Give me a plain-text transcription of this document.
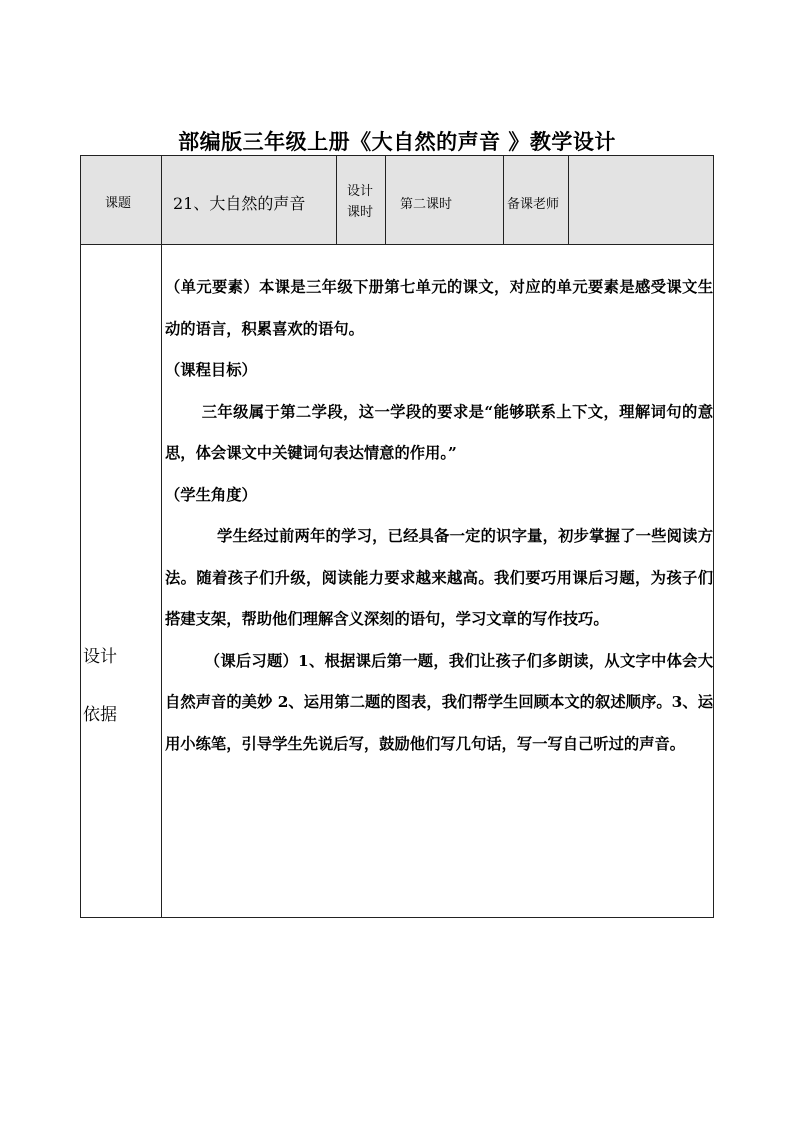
部编版三年级上册《大自然的声音 》教学设计
课题	21、大自然的声音
设计
课时
第二课时	备课老师
设计
依据

（单元要素）本课是三年级下册第七单元的课文，对应的单元要素是感受课文生动的语言，积累喜欢的语句。

（课程目标）

三年级属于第二学段，这一学段的要求是“能够联系上下文，理解词句的意思，体会课文中关键词句表达情意的作用。”

（学生角度）

学生经过前两年的学习，已经具备一定的识字量，初步掌握了一些阅读方法。随着孩子们升级，阅读能力要求越来越高。我们要巧用课后习题，为孩子们搭建支架，帮助他们理解含义深刻的语句，学习文章的写作技巧。

（课后习题）1、根据课后第一题，我们让孩子们多朗读，从文字中体会大自然声音的美妙 2、运用第二题的图表，我们帮学生回顾本文的叙述顺序。3、运用小练笔，引导学生先说后写，鼓励他们写几句话，写一写自己听过的声音。
